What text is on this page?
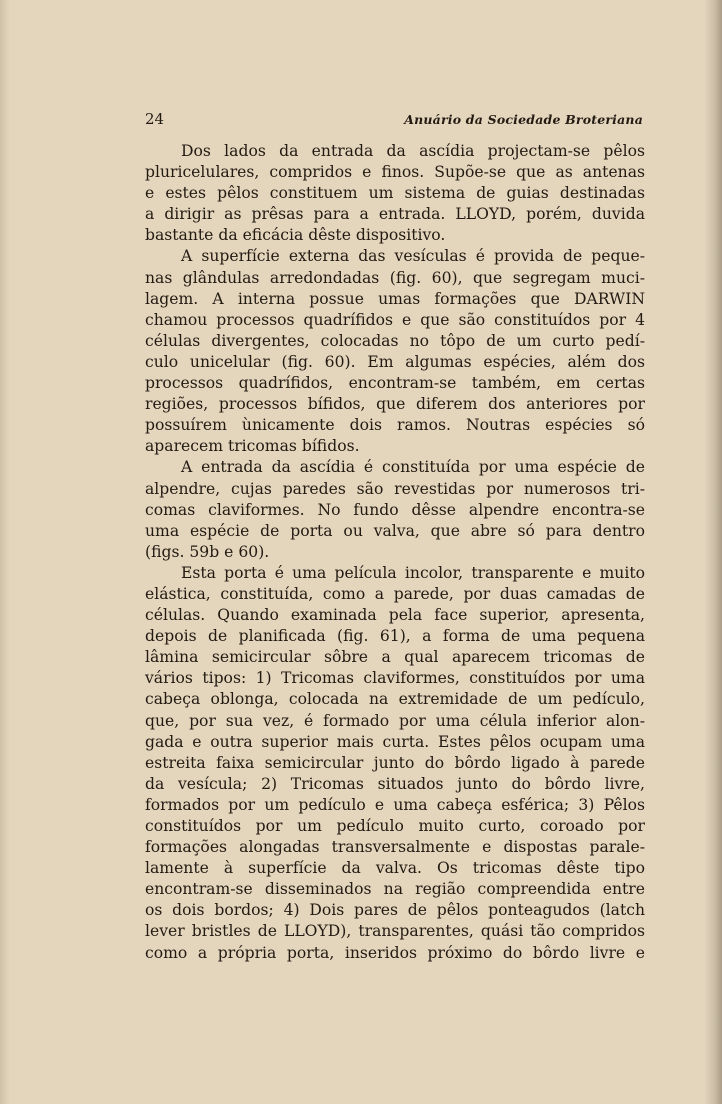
24	Anuário da Sociedade Broteriana
Dos lados da entrada da ascídia projectam-se pêlos
pluricelulares, compridos e finos. Supõe-se que as antenas
e estes pêlos constituem um sistema de guias destinadas
a dirigir as prêsas para a entrada. LLOYD, porém, duvida
bastante da eficácia dêste dispositivo.
A superfície externa das vesículas é provida de peque-
nas glândulas arredondadas (fig. 60), que segregam muci-
lagem. A interna possue umas formações que DARWIN
chamou processos quadrífidos e que são constituídos por 4
células divergentes, colocadas no tôpo de um curto pedí-
culo unicelular (fig. 60). Em algumas espécies, além dos
processos quadrífidos, encontram-se também, em certas
regiões, processos bífidos, que diferem dos anteriores por
possuírem ùnicamente dois ramos. Noutras espécies só
aparecem tricomas bífidos.
A entrada da ascídia é constituída por uma espécie de
alpendre, cujas paredes são revestidas por numerosos tri-
comas claviformes. No fundo dêsse alpendre encontra-se
uma espécie de porta ou valva, que abre só para dentro
(figs. 59b e 60).
Esta porta é uma película incolor, transparente e muito
elástica, constituída, como a parede, por duas camadas de
células. Quando examinada pela face superior, apresenta,
depois de planificada (fig. 61), a forma de uma pequena
lâmina semicircular sôbre a qual aparecem tricomas de
vários tipos: 1) Tricomas claviformes, constituídos por uma
cabeça oblonga, colocada na extremidade de um pedículo,
que, por sua vez, é formado por uma célula inferior alon-
gada e outra superior mais curta. Estes pêlos ocupam uma
estreita faixa semicircular junto do bôrdo ligado à parede
da vesícula; 2) Tricomas situados junto do bôrdo livre,
formados por um pedículo e uma cabeça esférica; 3) Pêlos
constituídos por um pedículo muito curto, coroado por
formações alongadas transversalmente e dispostas parale-
lamente à superfície da valva. Os tricomas dêste tipo
encontram-se disseminados na região compreendida entre
os dois bordos; 4) Dois pares de pêlos ponteagudos (latch
lever bristles de LLOYD), transparentes, quási tão compridos
como a própria porta, inseridos próximo do bôrdo livre e
